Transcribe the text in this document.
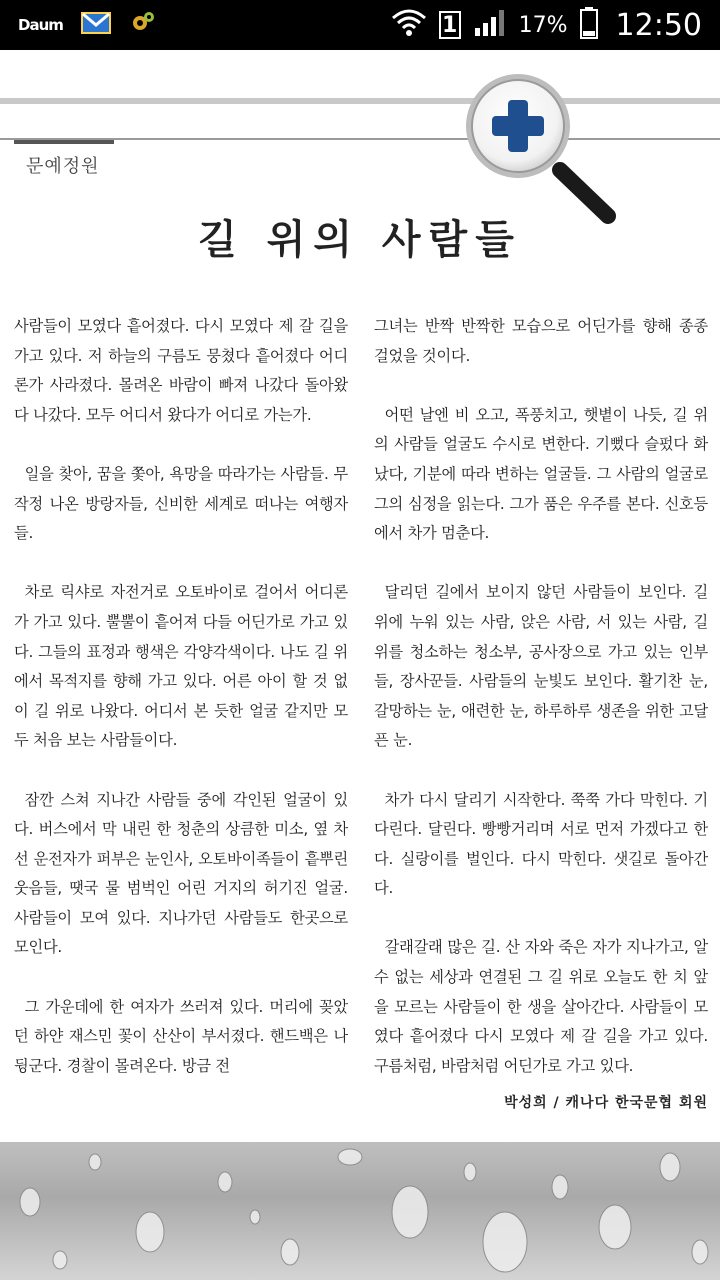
Daum	1	17% 12:50
문예정원
길 위의 사람들

사람들이 모였다 흩어졌다. 다시 모였다 제 갈 길을 가고 있다. 저 하늘의 구름도 뭉쳤다 흩어졌다 어디론가 사라졌다. 몰려온 바람이 빠져 나갔다 돌아왔다 나갔다. 모두 어디서 왔다가 어디로 가는가.

일을 찾아, 꿈을 쫓아, 욕망을 따라가는 사람들. 무작정 나온 방랑자들, 신비한 세계로 떠나는 여행자들.

차로 릭샤로 자전거로 오토바이로 걸어서 어디론가 가고 있다. 뿔뿔이 흩어져 다들 어딘가로 가고 있다. 그들의 표정과 행색은 각양각색이다. 나도 길 위에서 목적지를 향해 가고 있다. 어른 아이 할 것 없이 길 위로 나왔다. 어디서 본 듯한 얼굴 같지만 모두 처음 보는 사람들이다.

잠깐 스쳐 지나간 사람들 중에 각인된 얼굴이 있다. 버스에서 막 내린 한 청춘의 상큼한 미소, 옆 차선 운전자가 퍼부은 눈인사, 오토바이족들이 흩뿌린 웃음들, 땟국 물 범벅인 어린 거지의 허기진 얼굴. 사람들이 모여 있다. 지나가던 사람들도 한곳으로 모인다.

그 가운데에 한 여자가 쓰러져 있다. 머리에 꽂았던 하얀 재스민 꽃이 산산이 부서졌다. 핸드백은 나뒹군다. 경찰이 몰려온다. 방금 전

그녀는 반짝 반짝한 모습으로 어딘가를 향해 종종 걸었을 것이다.

어떤 날엔 비 오고, 폭풍치고, 햇볕이 나듯, 길 위의 사람들 얼굴도 수시로 변한다. 기뻤다 슬펐다 화났다, 기분에 따라 변하는 얼굴들. 그 사람의 얼굴로 그의 심정을 읽는다. 그가 품은 우주를 본다. 신호등에서 차가 멈춘다.

달리던 길에서 보이지 않던 사람들이 보인다. 길 위에 누워 있는 사람, 앉은 사람, 서 있는 사람, 길 위를 청소하는 청소부, 공사장으로 가고 있는 인부들, 장사꾼들. 사람들의 눈빛도 보인다. 활기찬 눈, 갈망하는 눈, 애련한 눈, 하루하루 생존을 위한 고달픈 눈.

차가 다시 달리기 시작한다. 쭉쭉 가다 막힌다. 기다린다. 달린다. 빵빵거리며 서로 먼저 가겠다고 한다. 실랑이를 벌인다. 다시 막힌다. 샛길로 돌아간다.

갈래갈래 많은 길. 산 자와 죽은 자가 지나가고, 알 수 없는 세상과 연결된 그 길 위로 오늘도 한 치 앞을 모르는 사람들이 한 생을 살아간다. 사람들이 모였다 흩어졌다 다시 모였다 제 갈 길을 가고 있다. 구름처럼, 바람처럼 어딘가로 가고 있다.

박성희 / 캐나다 한국문협 회원
